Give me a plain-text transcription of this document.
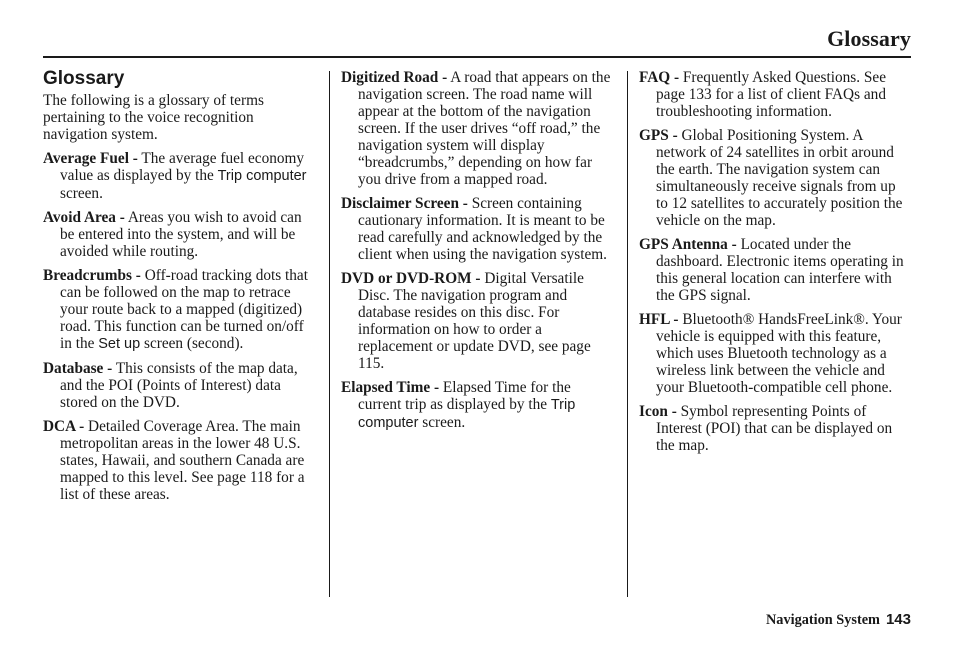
Glossary
Glossary
The following is a glossary of terms pertaining to the voice recognition navigation system.
Average Fuel - The average fuel economy value as displayed by the Trip computer screen.
Avoid Area - Areas you wish to avoid can be entered into the system, and will be avoided while routing.
Breadcrumbs - Off-road tracking dots that can be followed on the map to retrace your route back to a mapped (digitized) road. This function can be turned on/off in the Set up screen (second).
Database - This consists of the map data, and the POI (Points of Interest) data stored on the DVD.
DCA - Detailed Coverage Area. The main metropolitan areas in the lower 48 U.S. states, Hawaii, and southern Canada are mapped to this level. See page 118 for a list of these areas.
Digitized Road - A road that appears on the navigation screen. The road name will appear at the bottom of the navigation screen. If the user drives “off road,” the navigation system will display “breadcrumbs,” depending on how far you drive from a mapped road.
Disclaimer Screen - Screen containing cautionary information. It is meant to be read carefully and acknowledged by the client when using the navigation system.
DVD or DVD-ROM - Digital Versatile Disc. The navigation program and database resides on this disc. For information on how to order a replacement or update DVD, see page 115.
Elapsed Time - Elapsed Time for the current trip as displayed by the Trip computer screen.
FAQ - Frequently Asked Questions. See page 133 for a list of client FAQs and troubleshooting information.
GPS - Global Positioning System. A network of 24 satellites in orbit around the earth. The navigation system can simultaneously receive signals from up to 12 satellites to accurately position the vehicle on the map.
GPS Antenna - Located under the dashboard. Electronic items operating in this general location can interfere with the GPS signal.
HFL - Bluetooth® HandsFreeLink®. Your vehicle is equipped with this feature, which uses Bluetooth technology as a wireless link between the vehicle and your Bluetooth-compatible cell phone.
Icon - Symbol representing Points of Interest (POI) that can be displayed on the map.
Navigation System 143
